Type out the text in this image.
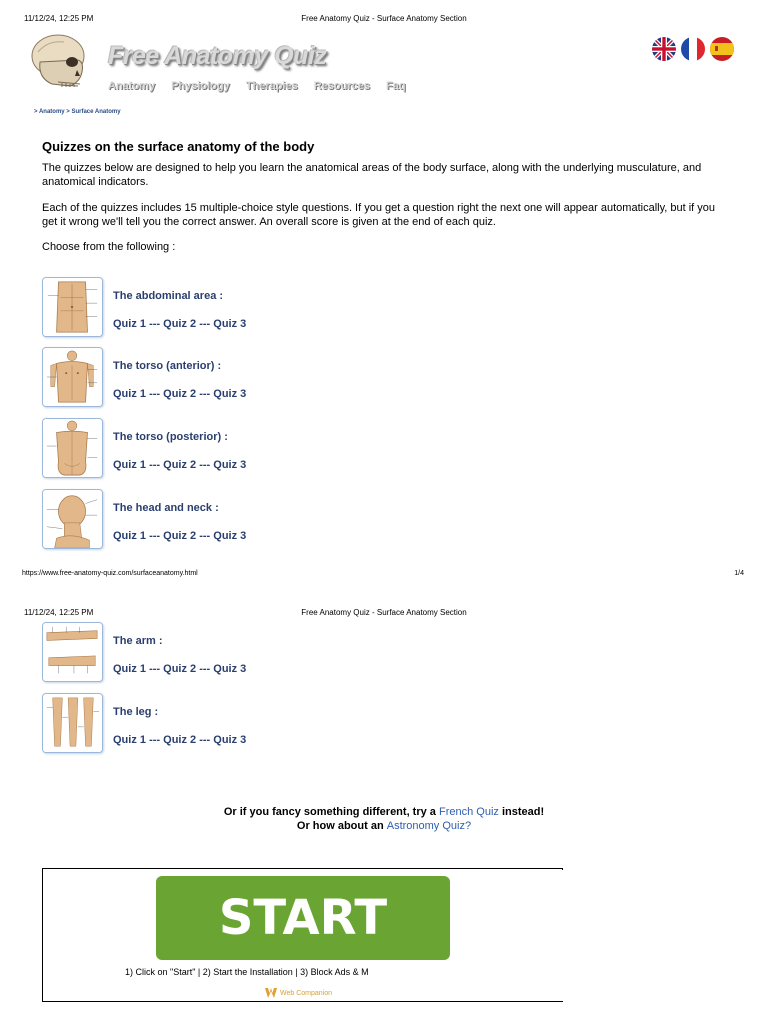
11/12/24, 12:25 PM	Free Anatomy Quiz - Surface Anatomy Section
Free Anatomy Quiz
Anatomy Physiology Therapies Resources Faq
> Anatomy > Surface Anatomy
Quizzes on the surface anatomy of the body

The quizzes below are designed to help you learn the anatomical areas of the body surface, along with the underlying musculature, and anatomical indicators.

Each of the quizzes includes 15 multiple-choice style questions. If you get a question right the next one will appear automatically, but if you get it wrong we'll tell you the correct answer. An overall score is given at the end of each quiz.

Choose from the following :

The abdominal area :
Quiz 1 --- Quiz 2 --- Quiz 3
The torso (anterior) :
Quiz 1 --- Quiz 2 --- Quiz 3
The torso (posterior) :
Quiz 1 --- Quiz 2 --- Quiz 3
The head and neck :
Quiz 1 --- Quiz 2 --- Quiz 3
https://www.free-anatomy-quiz.com/surfaceanatomy.html	1/4
11/12/24, 12:25 PM	Free Anatomy Quiz - Surface Anatomy Section
The arm :
Quiz 1 --- Quiz 2 --- Quiz 3
The leg :
Quiz 1 --- Quiz 2 --- Quiz 3
Or if you fancy something different, try a French Quiz instead!
Or how about an Astronomy Quiz?
START
1) Click on "Start" | 2) Start the Installation | 3) Block Ads & M
Web Companion
